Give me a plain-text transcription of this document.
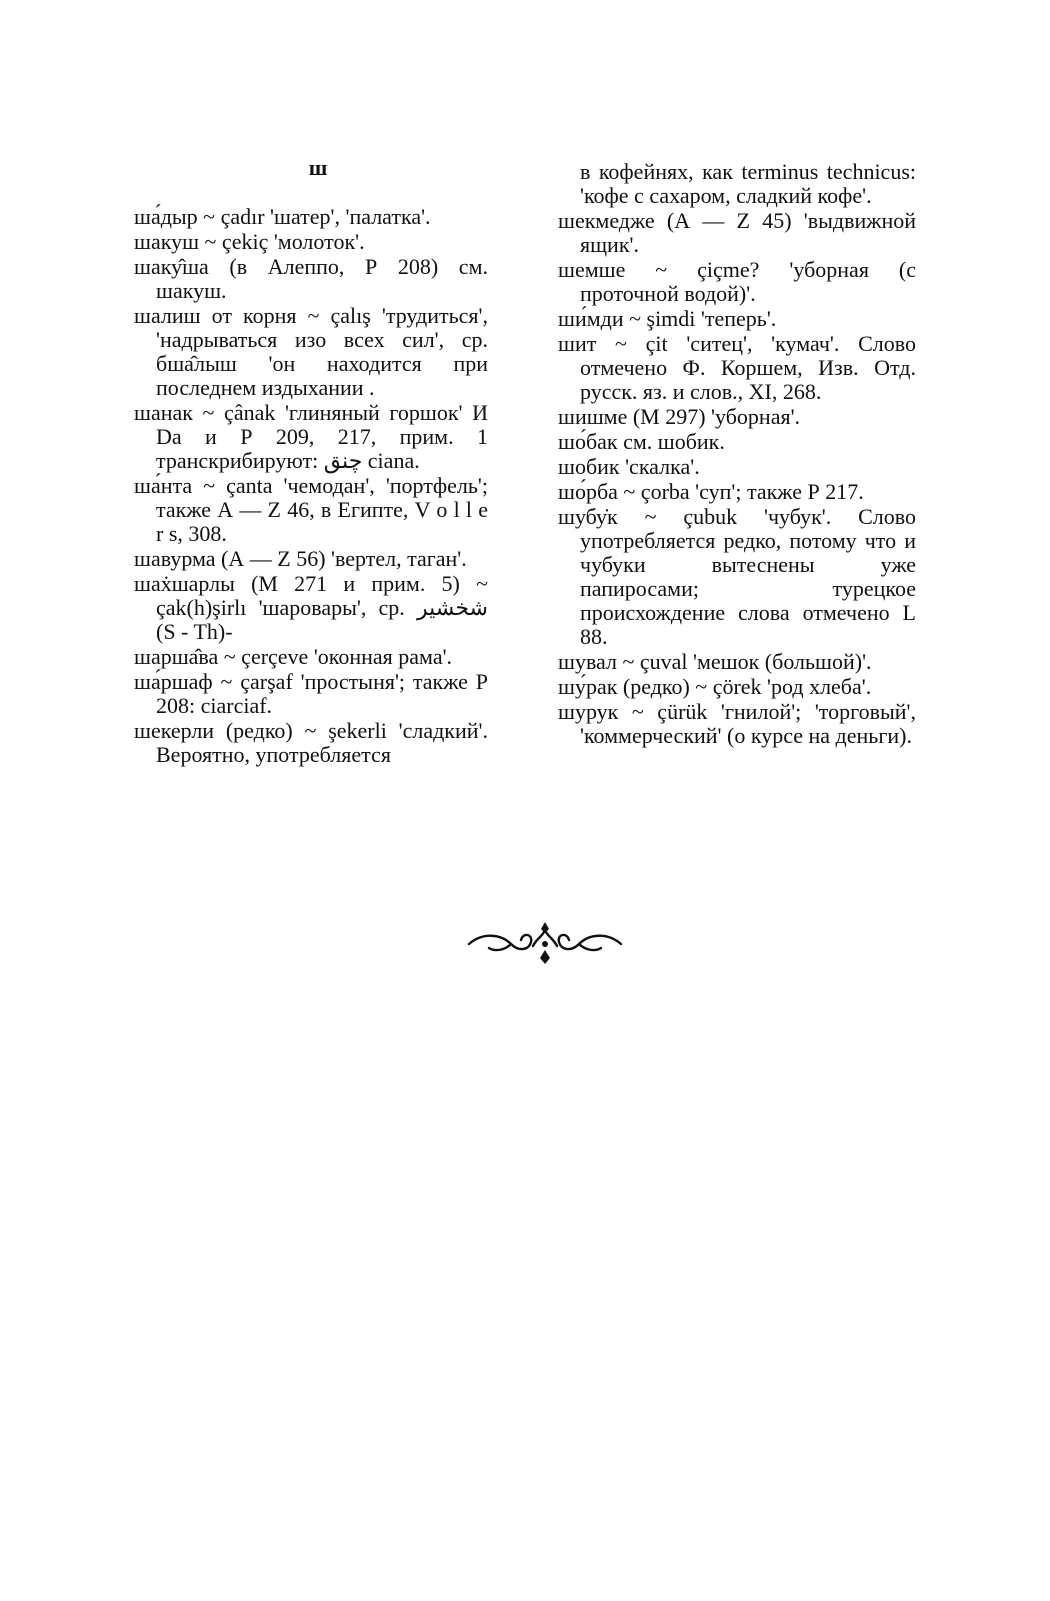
ш

ша́дыр ~ çadır 'шатер', 'палатка'.

шакуш ~ çekiç 'молоток'.

шаку̂ша (в Алеппо, Р 208) см. шакуш.

шалиш от корня ~ çalış 'трудиться', 'надрываться изо всех сил', ср. бша̂лыш 'он находится при последнем издыхании .

шанак ~ çânak 'глиняный горшок' И Da и Р 209, 217, прим. 1 транскрибируют: چنق ciana.

ша́нта ~ çanta 'чемодан', 'портфель'; также А — Z 46, в Египте, V o l l e r s, 308.

шавурма (А — Z 56) 'вертел, таган'.

шаẋшарлы (М 271 и прим. 5) ~ çak(h)şirlı 'шаровары', ср. شخشير (S - Th)-

шарша̂ва ~ çerçeve 'оконная рама'.

ша́ршаф ~ çarşaf 'простыня'; также Р 208: ciarciaf.

шекерли (редко) ~ şekerli 'сладкий'. Вероятно, употребляется

в кофейнях, как terminus technicus: 'кофе с сахаром, сладкий кофе'.

шекмедже (А — Z 45) 'выдвижной ящик'.

шемше ~ çiçme? 'уборная (с проточной водой)'.

ши́мди ~ şimdi 'теперь'.

шит ~ çit 'ситец', 'кумач'. Слово отмечено Ф. Коршем, Изв. Отд. русск. яз. и слов., XI, 268.

шишме (М 297) 'уборная'.

шо́бак см. шобик.

шобик 'скалка'.

шо́рба ~ çorba 'суп'; также Р 217.

шубу̇к ~ çubuk 'чубук'. Слово употребляется редко, потому что и чубуки вытеснены уже папиросами; турецкое происхождение слова отмечено L 88.

шувал ~ çuval 'мешок (большой)'.

шу́рак (редко) ~ çörek 'род хлеба'.

шурук ~ çürük 'гнилой'; 'торговый', 'коммерческий' (о курсе на деньги).
